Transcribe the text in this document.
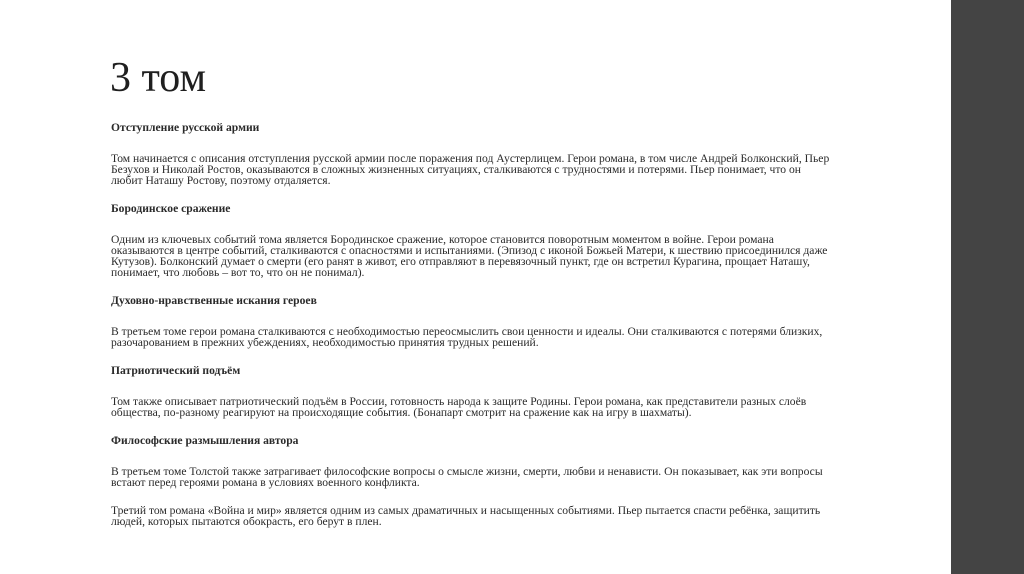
3 том
Отступление русской армии
Том начинается с описания отступления русской армии после поражения под Аустерлицем. Герои романа, в том числе Андрей Болконский, Пьер Безухов и Николай Ростов, оказываются в сложных жизненных ситуациях, сталкиваются с трудностями и потерями. Пьер понимает, что он любит Наташу Ростову, поэтому отдаляется.
Бородинское сражение
Одним из ключевых событий тома является Бородинское сражение, которое становится поворотным моментом в войне. Герои романа оказываются в центре событий, сталкиваются с опасностями и испытаниями. (Эпизод с иконой Божьей Матери, к шествию присоединился даже Кутузов). Болконский думает о смерти (его ранят в живот, его отправляют в перевязочный пункт, где он встретил Курагина, прощает Наташу, понимает, что любовь – вот то, что он не понимал).
Духовно-нравственные искания героев
В третьем томе герои романа сталкиваются с необходимостью переосмыслить свои ценности и идеалы. Они сталкиваются с потерями близких, разочарованием в прежних убеждениях, необходимостью принятия трудных решений.
Патриотический подъём
Том также описывает патриотический подъём в России, готовность народа к защите Родины. Герои романа, как представители разных слоёв общества, по-разному реагируют на происходящие события. (Бонапарт смотрит на сражение как на игру в шахматы).
Философские размышления автора
В третьем томе Толстой также затрагивает философские вопросы о смысле жизни, смерти, любви и ненависти. Он показывает, как эти вопросы встают перед героями романа в условиях военного конфликта.
Третий том романа «Война и мир» является одним из самых драматичных и насыщенных событиями. Пьер пытается спасти ребёнка, защитить людей, которых пытаются обокрасть, его берут в плен.
